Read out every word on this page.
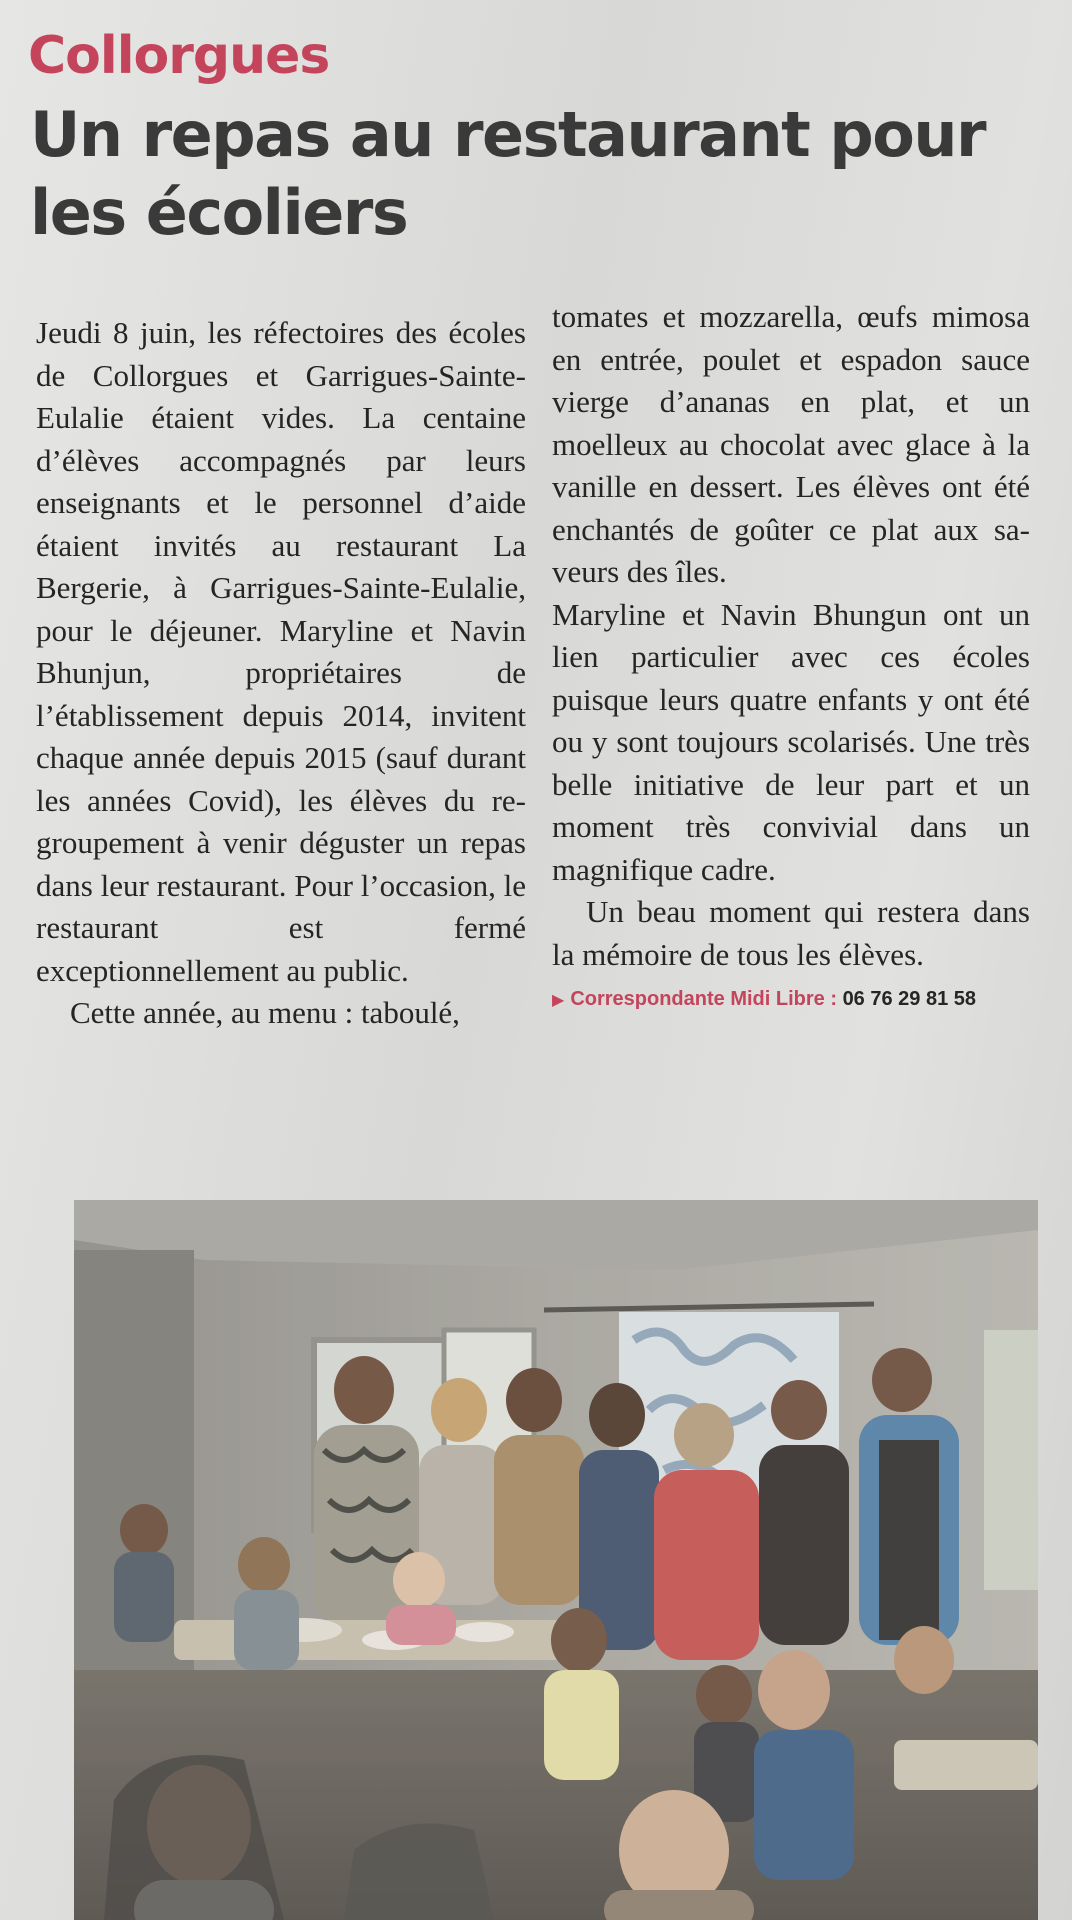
Collorgues
Un repas au restaurant pour les écoliers

Jeudi 8 juin, les réfectoires des écoles de Collorgues et Garrigues-Sainte-Eulalie étaient vides. La centaine d’élèves accompagnés par leurs enseignants et le personnel d’aide étaient invités au restaurant La Bergerie, à Garrigues-Sainte-Eulalie, pour le déjeuner. Maryline et Navin Bhunjun, propriétaires de l’établissement depuis 2014, invitent chaque année depuis 2015 (sauf durant les années Covid), les élèves du regroupement à venir déguster un repas dans leur restaurant. Pour l’occasion, le restaurant est fermé exceptionnellement au public.

Cette année, au menu : taboulé,

tomates et mozzarella, œufs mimosa en entrée, poulet et espadon sauce vierge d’ananas en plat, et un moelleux au chocolat avec glace à la vanille en dessert. Les élèves ont été enchantés de goûter ce plat aux saveurs des îles.

Maryline et Navin Bhungun ont un lien particulier avec ces écoles puisque leurs quatre enfants y ont été ou y sont toujours scolarisés. Une très belle initiative de leur part et un moment très convivial dans un magnifique cadre.

Un beau moment qui restera dans la mémoire de tous les élèves.

▶ Correspondante Midi Libre : 06 76 29 81 58
